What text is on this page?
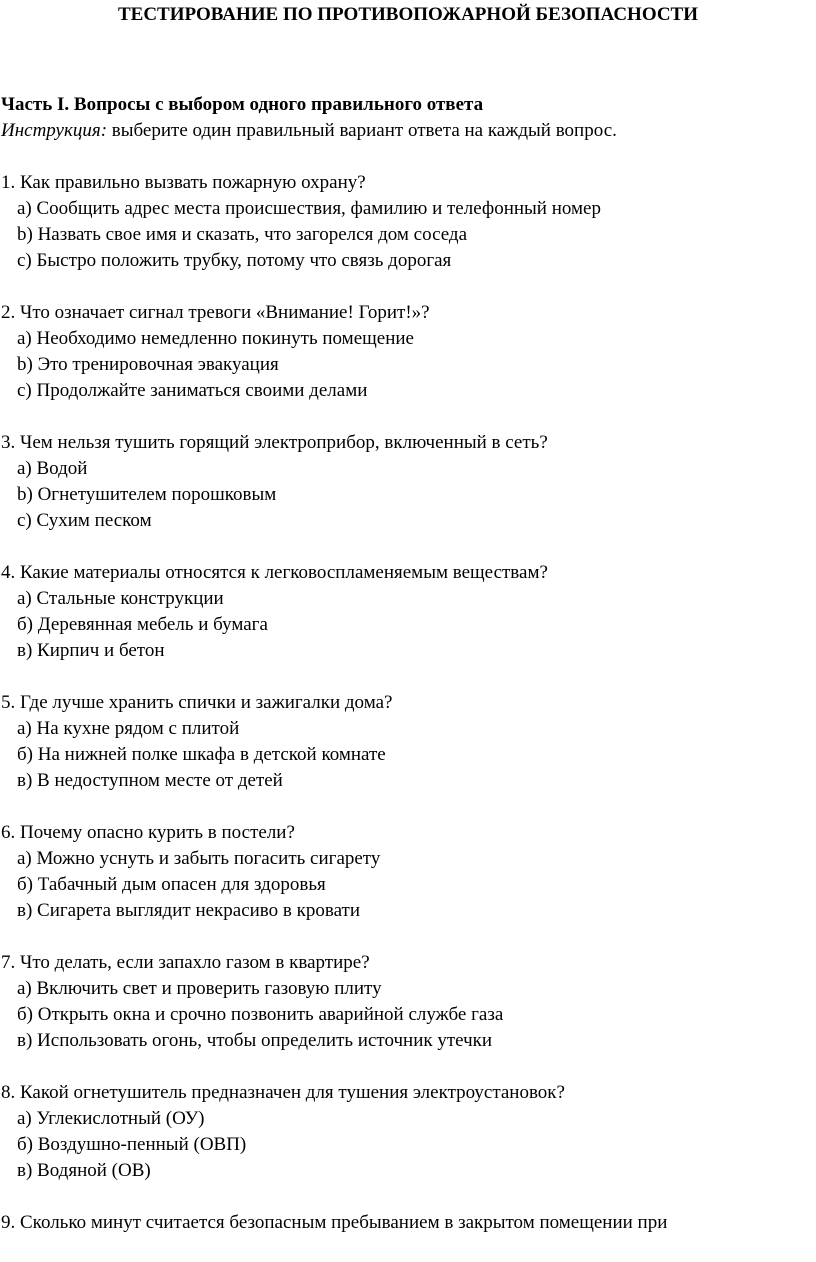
ТЕСТИРОВАНИЕ ПО ПРОТИВОПОЖАРНОЙ БЕЗОПАСНОСТИ
Часть I. Вопросы с выбором одного правильного ответа
Инструкция: выберите один правильный вариант ответа на каждый вопрос.
1. Как правильно вызвать пожарную охрану?
a) Сообщить адрес места происшествия, фамилию и телефонный номер
b) Назвать свое имя и сказать, что загорелся дом соседа
c) Быстро положить трубку, потому что связь дорогая
2. Что означает сигнал тревоги «Внимание! Горит!»?
a) Необходимо немедленно покинуть помещение
b) Это тренировочная эвакуация
c) Продолжайте заниматься своими делами
3. Чем нельзя тушить горящий электроприбор, включенный в сеть?
a) Водой
b) Огнетушителем порошковым
c) Сухим песком
4. Какие материалы относятся к легковоспламеняемым веществам?
а) Стальные конструкции
б) Деревянная мебель и бумага
в) Кирпич и бетон
5. Где лучше хранить спички и зажигалки дома?
а) На кухне рядом с плитой
б) На нижней полке шкафа в детской комнате
в) В недоступном месте от детей
6. Почему опасно курить в постели?
а) Можно уснуть и забыть погасить сигарету
б) Табачный дым опасен для здоровья
в) Сигарета выглядит некрасиво в кровати
7. Что делать, если запахло газом в квартире?
а) Включить свет и проверить газовую плиту
б) Открыть окна и срочно позвонить аварийной службе газа
в) Использовать огонь, чтобы определить источник утечки
8. Какой огнетушитель предназначен для тушения электроустановок?
а) Углекислотный (ОУ)
б) Воздушно-пенный (ОВП)
в) Водяной (ОВ)
9. Сколько минут считается безопасным пребыванием в закрытом помещении при
